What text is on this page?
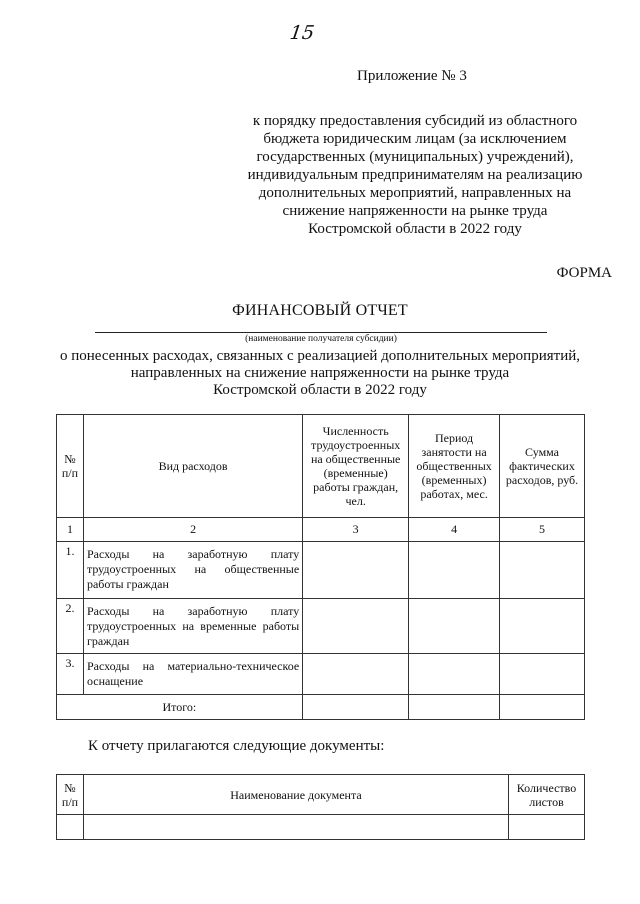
15
Приложение № 3
к порядку предоставления субсидий из областного
бюджета юридическим лицам (за исключением
государственных (муниципальных) учреждений),
индивидуальным предпринимателям на реализацию
дополнительных мероприятий, направленных на
снижение напряженности на рынке труда
Костромской области в 2022 году
ФОРМА
ФИНАНСОВЫЙ ОТЧЕТ
(наименование получателя субсидии)
о понесенных расходах, связанных с реализацией дополнительных мероприятий,
направленных на снижение напряженности на рынке труда
Костромской области в 2022 году
№ п/п	Вид расходов	Численность трудоустроенных на общественные (временные) работы граждан, чел.	Период занятости на общественных (временных) работах, мес.	Сумма фактических расходов, руб.
1	2	3	4	5
1.	Расходы на заработную плату трудоустроенных на общественные работы граждан			
2.	Расходы на заработную плату трудоустроенных на временные работы граждан			
3.	Расходы на материально-техническое оснащение			
Итого:				
К отчету прилагаются следующие документы:
№ п/п	Наименование документа	Количество листов
